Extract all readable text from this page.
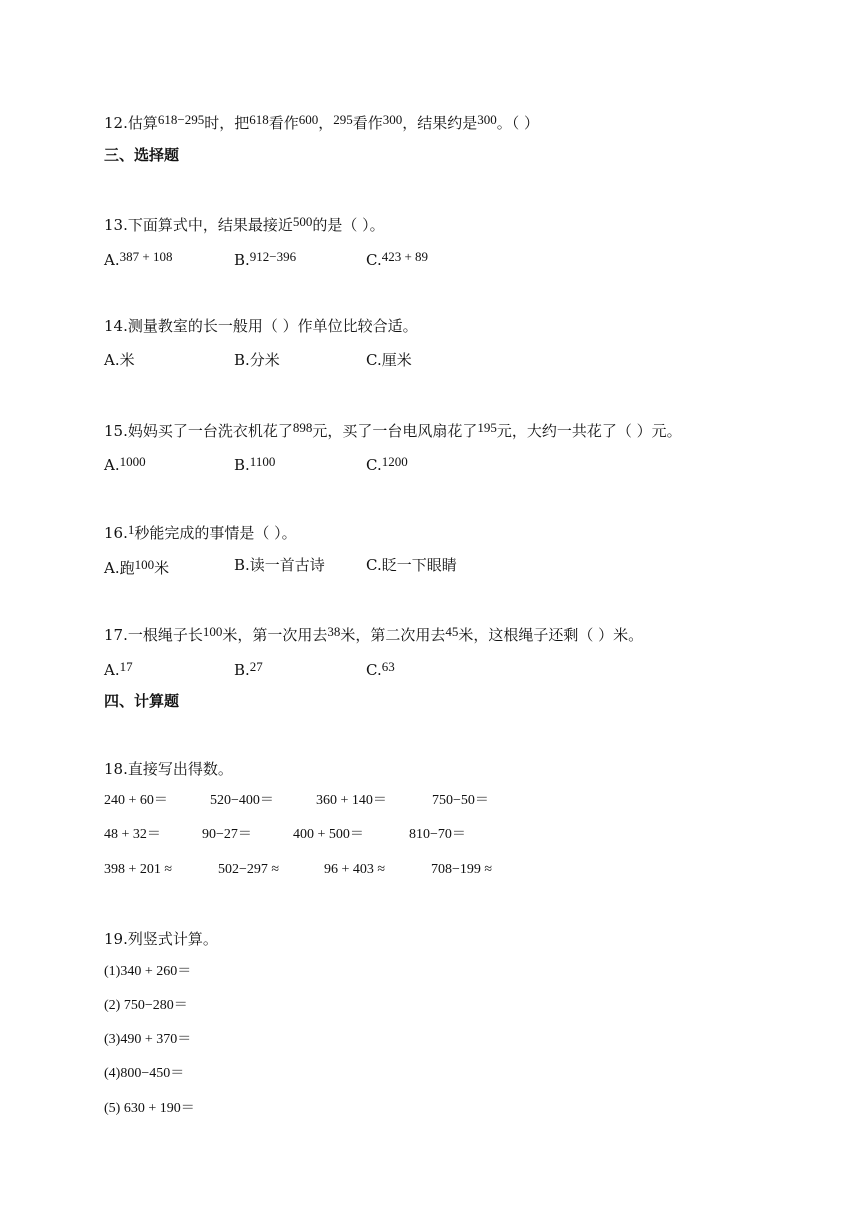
12.估算$^{618-295}$时，把$^{618}$看作$^{600}$，$^{295}$看作$^{300}$，结果约是$^{300}$。（ ）
三、选择题
13.下面算式中，结果最接近$^{500}$的是（ ）。
A.387 + 108	B.912−396	C.423 + 89
14.测量教室的长一般用（ ）作单位比较合适。
A.米	B.分米	C.厘米
15.妈妈买了一台洗衣机花了$^{898}$元，买了一台电风扇花了$^{195}$元，大约一共花了（ ）元。
A.1000	B.1100	C.1200
16.$^1$秒能完成的事情是（ ）。
A.跑100米	B.读一首古诗	C.眨一下眼睛
17.一根绳子长$^{100}$米，第一次用去$^{38}$米，第二次用去$^{45}$米，这根绳子还剩（ ）米。
A.17	B.27	C.63
四、计算题
18.直接写出得数。
240 + 60＝	520−400＝	360 + 140＝	750−50＝
48 + 32＝	90−27＝	400 + 500＝	810−70＝
398 + 201 ≈	502−297 ≈	96 + 403 ≈	708−199 ≈
19.列竖式计算。
(1)340 + 260＝
(2) 750−280＝
(3)490 + 370＝
(4)800−450＝
(5) 630 + 190＝
